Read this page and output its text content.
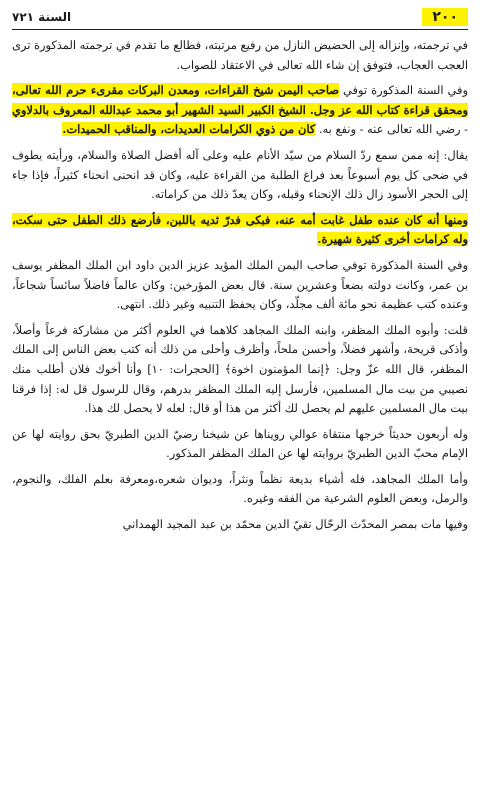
٢٠٠
السنة ٧٢١

في ترجمته، وإنزاله إلى الحضيض النازل من رفيع مرتبته، فطالع ما تقدم في ترجمته المذكورة ترى العجب العجاب، فتوفق إن شاء الله تعالى في الاعتقاد للصواب.

وفي السنة المذكورة توفي صاحب اليمن شيخ القراءات، ومعدن البركات مقرىء حرم الله تعالى، ومحقق قراءة كتاب الله عز وجل. الشيخ الكبير السيد الشهير أبو محمد عبدالله المعروف بالدلاوي - رضي الله تعالى عنه - ونفع به. كان من ذوي الكرامات العديدات، والمناقب الحميدات.

يقال: إنه ممن سمع ردّ السلام من سيّد الأنام عليه وعلى آله أفضل الصلاة والسلام، ورأيته يطوف في ضحى كل يوم أسبوعاً بعد فراغ الطلبة من القراءة عليه، وكان قد انحنى انحناء كثيراً، فإذا جاء إلى الحجر الأسود زال ذلك الإنحناء وقبله، وكان يعدّ ذلك من كراماته.

ومنها أنه كان عنده طفل غابت أمه عنه، فبكى فدرّ ثديه باللبن، فأرضع ذلك الطفل حتى سكت، وله كرامات أخرى كثيرة شهيرة.

وفي السنة المذكورة توفي صاحب اليمن الملك المؤيد عزيز الدين داود ابن الملك المظفر يوسف بن عمر، وكانت دولته بضعاً وعشرين سنة. قال بعض المؤرخين: وكان عالماً فاضلاً سائساً شجاعاً، وعنده كتب عظيمة نحو مائة ألف مجلّد، وكان يحفظ التنبيه وغير ذلك. انتهى.

قلت: وأبوه الملك المظفر، وابنه الملك المجاهد كلاهما في العلوم أكثر من مشاركة فرعاً وأصلاً، وأذكى قريحة، وأشهر فضلاً، وأحسن ملحاً، وأظرف وأحلى من ذلك أنه كتب بعض الناس إلى الملك المظفر، قال الله عزّ وجل: ﴿إنما المؤمنون اخوة﴾ [الحجرات: ١٠] وأنا أخوك فلان أطلب منك نصيبي من بيت مال المسلمين، فأرسل إليه الملك المظفر بدرهم، وقال للرسول قل له: إذا فرقنا بيت مال المسلمين عليهم لم يحصل لك أكثر من هذا أو قال: لعله لا يحصل لك هذا.

وله أربعون حديثاً خرجها منتقاة عوالي رويناها عن شيخنا رضيّ الدين الطبريّ بحق روايته لها عن الإمام محبّ الدين الطبريّ بروايته لها عن الملك المظفر المذكور.

وأما الملك المجاهد، فله أشياء بديعة نظماً ونثراً، وديوان شعره،ومعرفة بعلم الفلك، والنجوم، والرمل، وبعض العلوم الشرعية من الفقه وغيره.

وفيها مات بمصر المحدّث الرحّال تقيّ الدين محمّد بن عبد المجيد الهمداني
